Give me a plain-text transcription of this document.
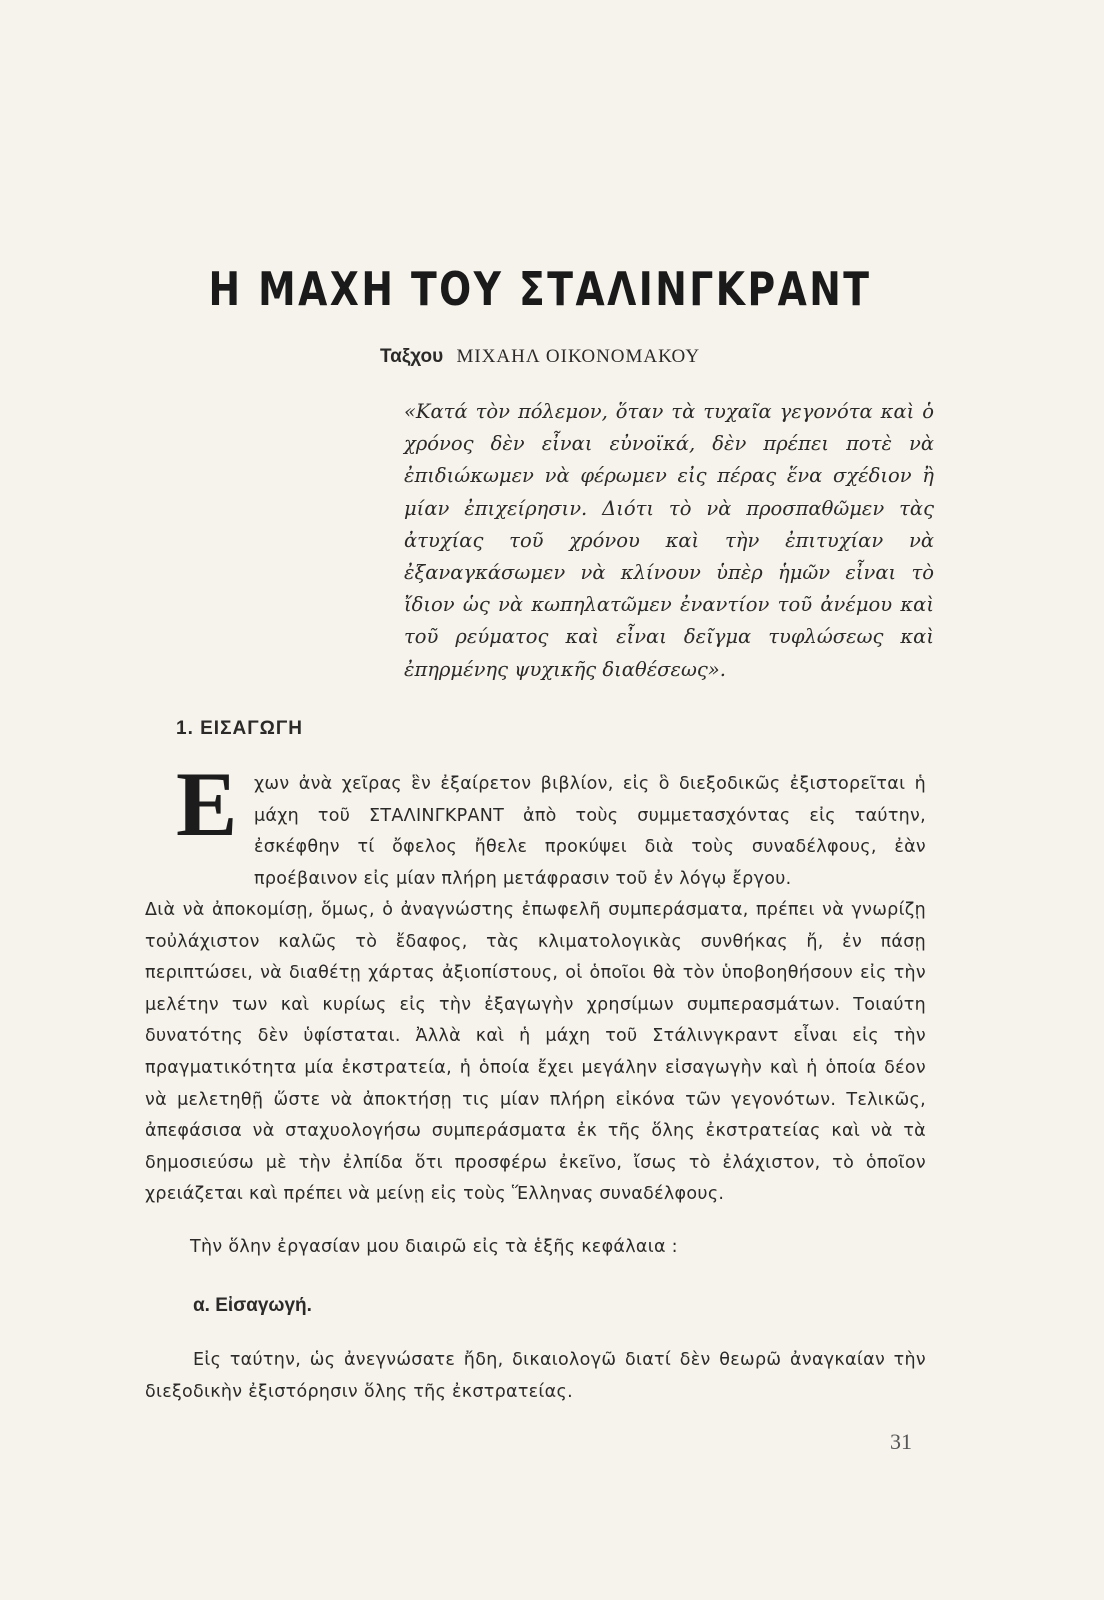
Η ΜΑΧΗ ΤΟΥ ΣΤΑΛΙΝΓΚΡΑΝΤ
Ταξχου ΜΙΧΑΗΛ ΟΙΚΟΝΟΜΑΚΟΥ
«Κατά τὸν πόλεμον, ὅταν τὰ τυχαῖα γεγονότα καὶ ὁ χρόνος δὲν εἶναι εὐνοϊκά, δὲν πρέπει ποτὲ νὰ ἐπιδιώκωμεν νὰ φέρωμεν εἰς πέρας ἕνα σχέδιον ἢ μίαν ἐπιχείρησιν. Διότι τὸ νὰ προσπαθῶμεν τὰς ἀτυχίας τοῦ χρόνου καὶ τὴν ἐπιτυχίαν νὰ ἐξαναγκάσωμεν νὰ κλίνουν ὑπὲρ ἡμῶν εἶναι τὸ ἴδιον ὡς νὰ κωπηλατῶμεν ἐναντίον τοῦ ἀνέμου καὶ τοῦ ρεύματος καὶ εἶναι δεῖγμα τυφλώσεως καὶ ἐπηρμένης ψυχικῆς διαθέσεως».
1. ΕΙΣΑΓΩΓΗ
Ε χων ἀνὰ χεῖρας ἓν ἐξαίρετον βιβλίον, εἰς ὃ διεξοδικῶς ἐξιστορεῖται ἡ μάχη τοῦ ΣΤΑΛΙΝΓΚΡΑΝΤ ἀπὸ τοὺς συμμετασχόντας εἰς ταύτην, ἐσκέφθην τί ὄφελος ἤθελε προκύψει διὰ τοὺς συναδέλφους, ἐὰν προέβαινον εἰς μίαν πλήρη μετάφρασιν τοῦ ἐν λόγῳ ἔργου.
Διὰ νὰ ἀποκομίσῃ, ὅμως, ὁ ἀναγνώστης ἐπωφελῆ συμπεράσματα, πρέπει νὰ γνωρίζῃ τοὐλάχιστον καλῶς τὸ ἔδαφος, τὰς κλιματολογικὰς συνθήκας ἤ, ἐν πάσῃ περιπτώσει, νὰ διαθέτῃ χάρτας ἀξιοπίστους, οἱ ὁποῖοι θὰ τὸν ὑποβοηθήσουν εἰς τὴν μελέτην των καὶ κυρίως εἰς τὴν ἐξαγωγὴν χρησίμων συμπερασμάτων. Τοιαύτη δυνατότης δὲν ὑφίσταται. Ἀλλὰ καὶ ἡ μάχη τοῦ Στάλινγκραντ εἶναι εἰς τὴν πραγματικότητα μία ἐκστρατεία, ἡ ὁποία ἔχει μεγάλην εἰσαγωγὴν καὶ ἡ ὁποία δέον νὰ μελετηθῇ ὥστε νὰ ἀποκτήσῃ τις μίαν πλήρη εἰκόνα τῶν γεγονότων. Τελικῶς, ἀπεφάσισα νὰ σταχυολογήσω συμπεράσματα ἐκ τῆς ὅλης ἐκστρατείας καὶ νὰ τὰ δημοσιεύσω μὲ τὴν ἐλπίδα ὅτι προσφέρω ἐκεῖνο, ἴσως τὸ ἐλάχιστον, τὸ ὁποῖον χρειάζεται καὶ πρέπει νὰ μείνῃ εἰς τοὺς Ἕλληνας συναδέλφους.
Τὴν ὅλην ἐργασίαν μου διαιρῶ εἰς τὰ ἑξῆς κεφάλαια :
α. Εἰσαγωγή.
Εἰς ταύτην, ὡς ἀνεγνώσατε ἤδη, δικαιολογῶ διατί δὲν θεωρῶ ἀναγκαίαν τὴν διεξοδικὴν ἐξιστόρησιν ὅλης τῆς ἐκστρατείας.
31
